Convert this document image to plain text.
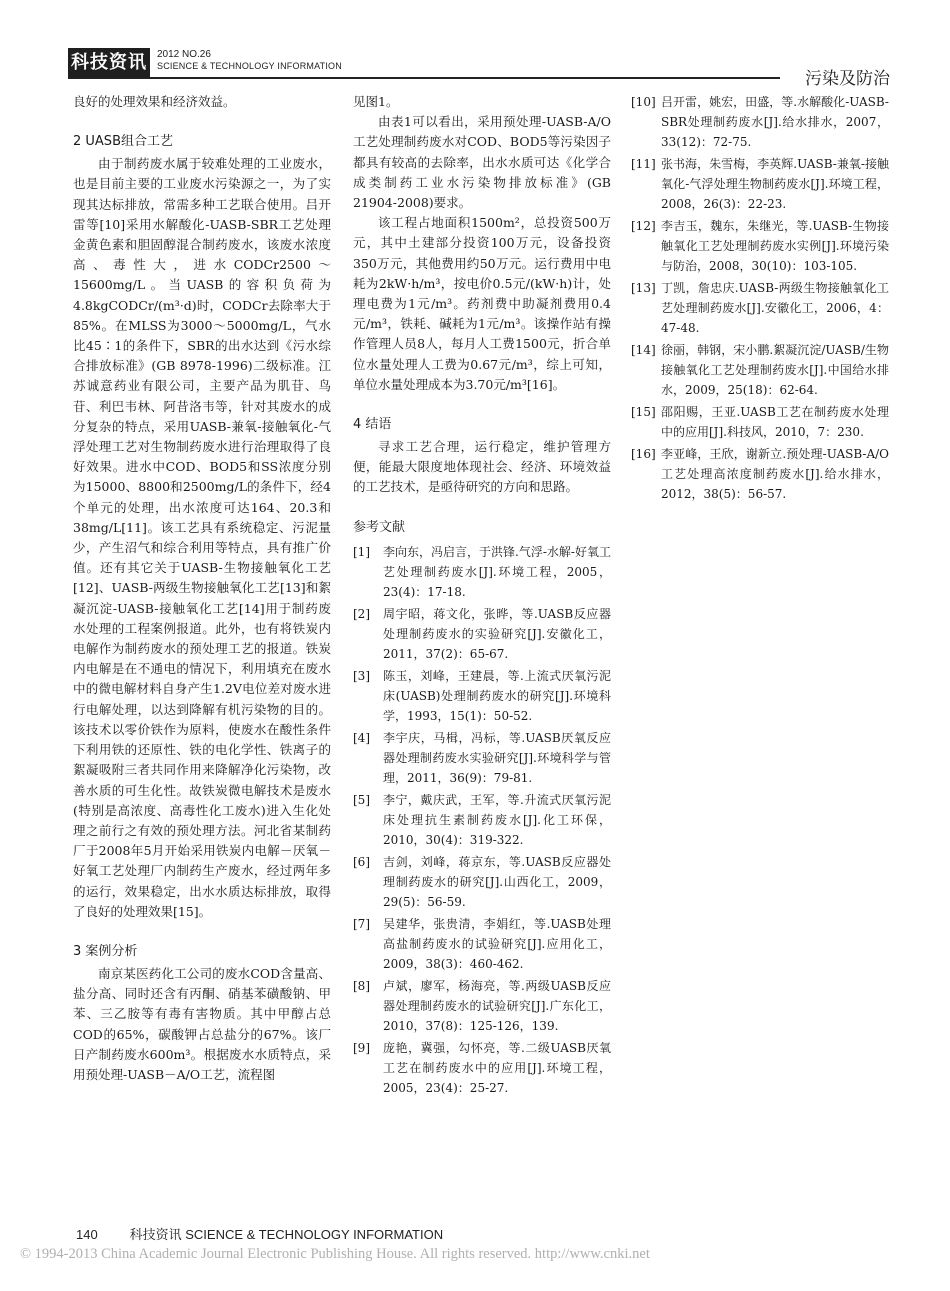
科技资讯	2012 NO.26
SCIENCE & TECHNOLOGY INFORMATION
污染及防治

良好的处理效果和经济效益。

2 UASB组合工艺

由于制药废水属于较难处理的工业废水，也是目前主要的工业废水污染源之一，为了实现其达标排放，常需多种工艺联合使用。吕开雷等[10]采用水解酸化-UASB-SBR工艺处理金黄色素和胆固醇混合制药废水，该废水浓度高、毒性大，进水CODCr2500～15600mg/L。当UASB的容积负荷为4.8kgCODCr/(m³·d)时，CODCr去除率大于85%。在MLSS为3000～5000mg/L，气水比45∶1的条件下，SBR的出水达到《污水综合排放标准》(GB 8978-1996)二级标准。江苏诚意药业有限公司，主要产品为肌苷、鸟苷、利巴韦林、阿昔洛韦等，针对其废水的成分复杂的特点，采用UASB-兼氧-接触氧化-气浮处理工艺对生物制药废水进行治理取得了良好效果。进水中COD、BOD5和SS浓度分别为15000、8800和2500mg/L的条件下，经4个单元的处理，出水浓度可达164、20.3和38mg/L[11]。该工艺具有系统稳定、污泥量少，产生沼气和综合利用等特点，具有推广价值。还有其它关于UASB-生物接触氧化工艺[12]、UASB-两级生物接触氧化工艺[13]和絮凝沉淀-UASB-接触氧化工艺[14]用于制药废水处理的工程案例报道。此外，也有将铁炭内电解作为制药废水的预处理工艺的报道。铁炭内电解是在不通电的情况下，利用填充在废水中的微电解材料自身产生1.2V电位差对废水进行电解处理，以达到降解有机污染物的目的。该技术以零价铁作为原料，使废水在酸性条件下利用铁的还原性、铁的电化学性、铁离子的絮凝吸附三者共同作用来降解净化污染物，改善水质的可生化性。故铁炭微电解技术是废水(特别是高浓度、高毒性化工废水)进入生化处理之前行之有效的预处理方法。河北省某制药厂于2008年5月开始采用铁炭内电解－厌氧－好氧工艺处理厂内制药生产废水，经过两年多的运行，效果稳定，出水水质达标排放，取得了良好的处理效果[15]。

3 案例分析

南京某医药化工公司的废水COD含量高、盐分高、同时还含有丙酮、硝基苯磺酸钠、甲苯、三乙胺等有毒有害物质。其中甲醇占总COD的65%，碳酸钾占总盐分的67%。该厂日产制药废水600m³。根据废水水质特点，采用预处理-UASB－A/O工艺，流程图

见图1。

由表1可以看出，采用预处理-UASB-A/O工艺处理制药废水对COD、BOD5等污染因子都具有较高的去除率，出水水质可达《化学合成类制药工业水污染物排放标准》(GB 21904-2008)要求。

该工程占地面积1500m²，总投资500万元，其中土建部分投资100万元，设备投资350万元，其他费用约50万元。运行费用中电耗为2kW·h/m³，按电价0.5元/(kW·h)计，处理电费为1元/m³。药剂费中助凝剂费用0.4元/m³，铁耗、碱耗为1元/m³。该操作站有操作管理人员8人，每月人工费1500元，折合单位水量处理人工费为0.67元/m³，综上可知，单位水量处理成本为3.70元/m³[16]。

4 结语

寻求工艺合理，运行稳定，维护管理方便，能最大限度地体现社会、经济、环境效益的工艺技术，是亟待研究的方向和思路。

参考文献
[1]	李向东，冯启言，于洪锋.气浮-水解-好氧工艺处理制药废水[J].环境工程，2005，23(4)：17-18.
[2]	周宇昭，蒋文化，张晔，等.UASB反应器处理制药废水的实验研究[J].安徽化工，2011，37(2)：65-67.
[3]	陈玉，刘峰，王建晨，等.上流式厌氧污泥床(UASB)处理制药废水的研究[J].环境科学，1993，15(1)：50-52.
[4]	李宇庆，马楫，冯标，等.UASB厌氧反应器处理制药废水实验研究[J].环境科学与管理，2011，36(9)：79-81.
[5]	李宁，戴庆武，王军，等.升流式厌氧污泥床处理抗生素制药废水[J].化工环保，2010，30(4)：319-322.
[6]	吉剑，刘峰，蒋京东，等.UASB反应器处理制药废水的研究[J].山西化工，2009，29(5)：56-59.
[7]	吴建华，张贵清，李娟红，等.UASB处理高盐制药废水的试验研究[J].应用化工，2009，38(3)：460-462.
[8]	卢斌，廖军，杨海亮，等.两级UASB反应器处理制药废水的试验研究[J].广东化工，2010，37(8)：125-126，139.
[9]	庞艳，冀强，勾怀亮，等.二级UASB厌氧工艺在制药废水中的应用[J].环境工程，2005，23(4)：25-27.
[10] 吕开雷，姚宏，田盛，等.水解酸化-UASB-SBR处理制药废水[J].给水排水，2007，33(12)：72-75.
[11] 张书海，朱雪梅，李英辉.UASB-兼氧-接触氧化-气浮处理生物制药废水[J].环境工程，2008，26(3)：22-23.
[12] 李吉玉，魏东，朱继光，等.UASB-生物接触氧化工艺处理制药废水实例[J].环境污染与防治，2008，30(10)：103-105.
[13] 丁凯，詹忠庆.UASB-两级生物接触氧化工艺处理制药废水[J].安徽化工，2006，4：47-48.
[14] 徐丽，韩钢，宋小鹏.絮凝沉淀/UASB/生物接触氧化工艺处理制药废水[J].中国给水排水，2009，25(18)：62-64.
[15] 邵阳赐，王亚.UASB工艺在制药废水处理中的应用[J].科技风，2010，7：230.
[16] 李亚峰，王欣，谢新立.预处理-UASB-A/O工艺处理高浓度制药废水[J].给水排水，2012，38(5)：56-57.
140 科技资讯 SCIENCE & TECHNOLOGY INFORMATION
© 1994-2013 China Academic Journal Electronic Publishing House. All rights reserved. http://www.cnki.net
